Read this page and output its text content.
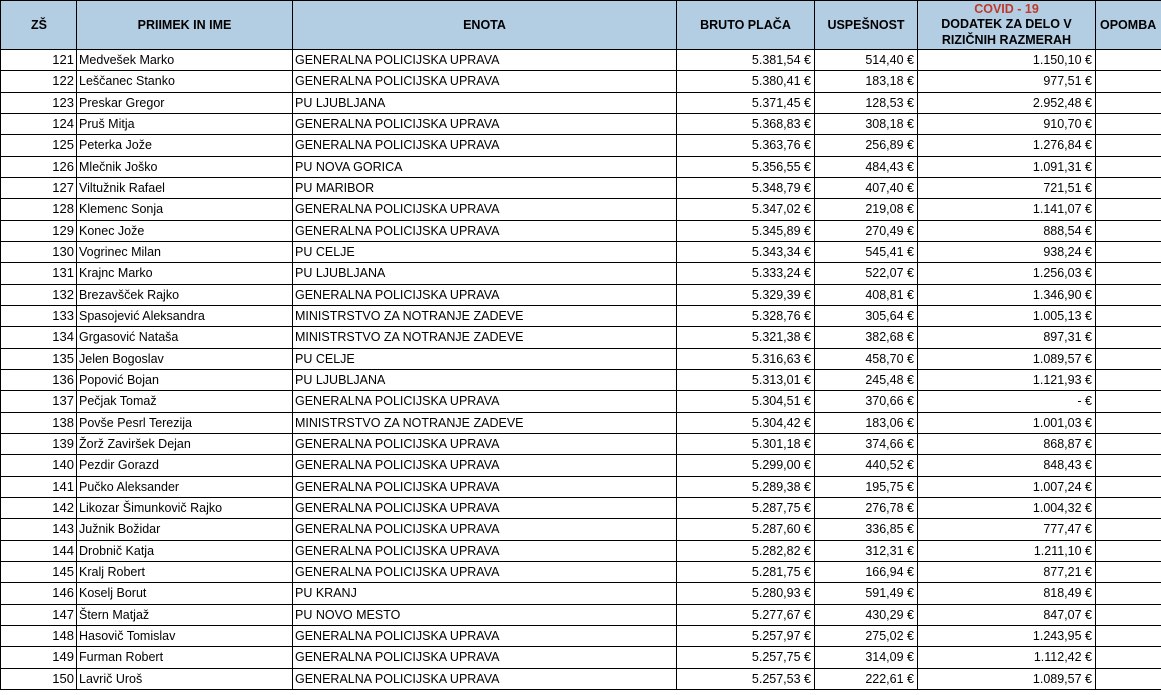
ZŠ	PRIIMEK IN IME	ENOTA	BRUTO PLAČA	USPEŠNOST	COVID - 19
DODATEK ZA DELO V
RIZIČNIH RAZMERAH	OPOMBA
121	Medvešek Marko	GENERALNA POLICIJSKA UPRAVA	5.381,54 €	514,40 €	1.150,10 €	
122	Leščanec Stanko	GENERALNA POLICIJSKA UPRAVA	5.380,41 €	183,18 €	977,51 €	
123	Preskar Gregor	PU LJUBLJANA	5.371,45 €	128,53 €	2.952,48 €	
124	Pruš Mitja	GENERALNA POLICIJSKA UPRAVA	5.368,83 €	308,18 €	910,70 €	
125	Peterka Jože	GENERALNA POLICIJSKA UPRAVA	5.363,76 €	256,89 €	1.276,84 €	
126	Mlečnik Joško	PU NOVA GORICA	5.356,55 €	484,43 €	1.091,31 €	
127	Viltužnik Rafael	PU MARIBOR	5.348,79 €	407,40 €	721,51 €	
128	Klemenc Sonja	GENERALNA POLICIJSKA UPRAVA	5.347,02 €	219,08 €	1.141,07 €	
129	Konec Jože	GENERALNA POLICIJSKA UPRAVA	5.345,89 €	270,49 €	888,54 €	
130	Vogrinec Milan	PU CELJE	5.343,34 €	545,41 €	938,24 €	
131	Krajnc Marko	PU LJUBLJANA	5.333,24 €	522,07 €	1.256,03 €	
132	Brezavšček Rajko	GENERALNA POLICIJSKA UPRAVA	5.329,39 €	408,81 €	1.346,90 €	
133	Spasojević Aleksandra	MINISTRSTVO ZA NOTRANJE ZADEVE	5.328,76 €	305,64 €	1.005,13 €	
134	Grgasović Nataša	MINISTRSTVO ZA NOTRANJE ZADEVE	5.321,38 €	382,68 €	897,31 €	
135	Jelen Bogoslav	PU CELJE	5.316,63 €	458,70 €	1.089,57 €	
136	Popović Bojan	PU LJUBLJANA	5.313,01 €	245,48 €	1.121,93 €	
137	Pečjak Tomaž	GENERALNA POLICIJSKA UPRAVA	5.304,51 €	370,66 €	- €	
138	Povše Pesrl Terezija	MINISTRSTVO ZA NOTRANJE ZADEVE	5.304,42 €	183,06 €	1.001,03 €	
139	Žorž Zaviršek Dejan	GENERALNA POLICIJSKA UPRAVA	5.301,18 €	374,66 €	868,87 €	
140	Pezdir Gorazd	GENERALNA POLICIJSKA UPRAVA	5.299,00 €	440,52 €	848,43 €	
141	Pučko Aleksander	GENERALNA POLICIJSKA UPRAVA	5.289,38 €	195,75 €	1.007,24 €	
142	Likozar Šimunkovič Rajko	GENERALNA POLICIJSKA UPRAVA	5.287,75 €	276,78 €	1.004,32 €	
143	Južnik Božidar	GENERALNA POLICIJSKA UPRAVA	5.287,60 €	336,85 €	777,47 €	
144	Drobnič Katja	GENERALNA POLICIJSKA UPRAVA	5.282,82 €	312,31 €	1.211,10 €	
145	Kralj Robert	GENERALNA POLICIJSKA UPRAVA	5.281,75 €	166,94 €	877,21 €	
146	Koselj Borut	PU KRANJ	5.280,93 €	591,49 €	818,49 €	
147	Štern Matjaž	PU NOVO MESTO	5.277,67 €	430,29 €	847,07 €	
148	Hasovič Tomislav	GENERALNA POLICIJSKA UPRAVA	5.257,97 €	275,02 €	1.243,95 €	
149	Furman Robert	GENERALNA POLICIJSKA UPRAVA	5.257,75 €	314,09 €	1.112,42 €	
150	Lavrič Uroš	GENERALNA POLICIJSKA UPRAVA	5.257,53 €	222,61 €	1.089,57 €	
